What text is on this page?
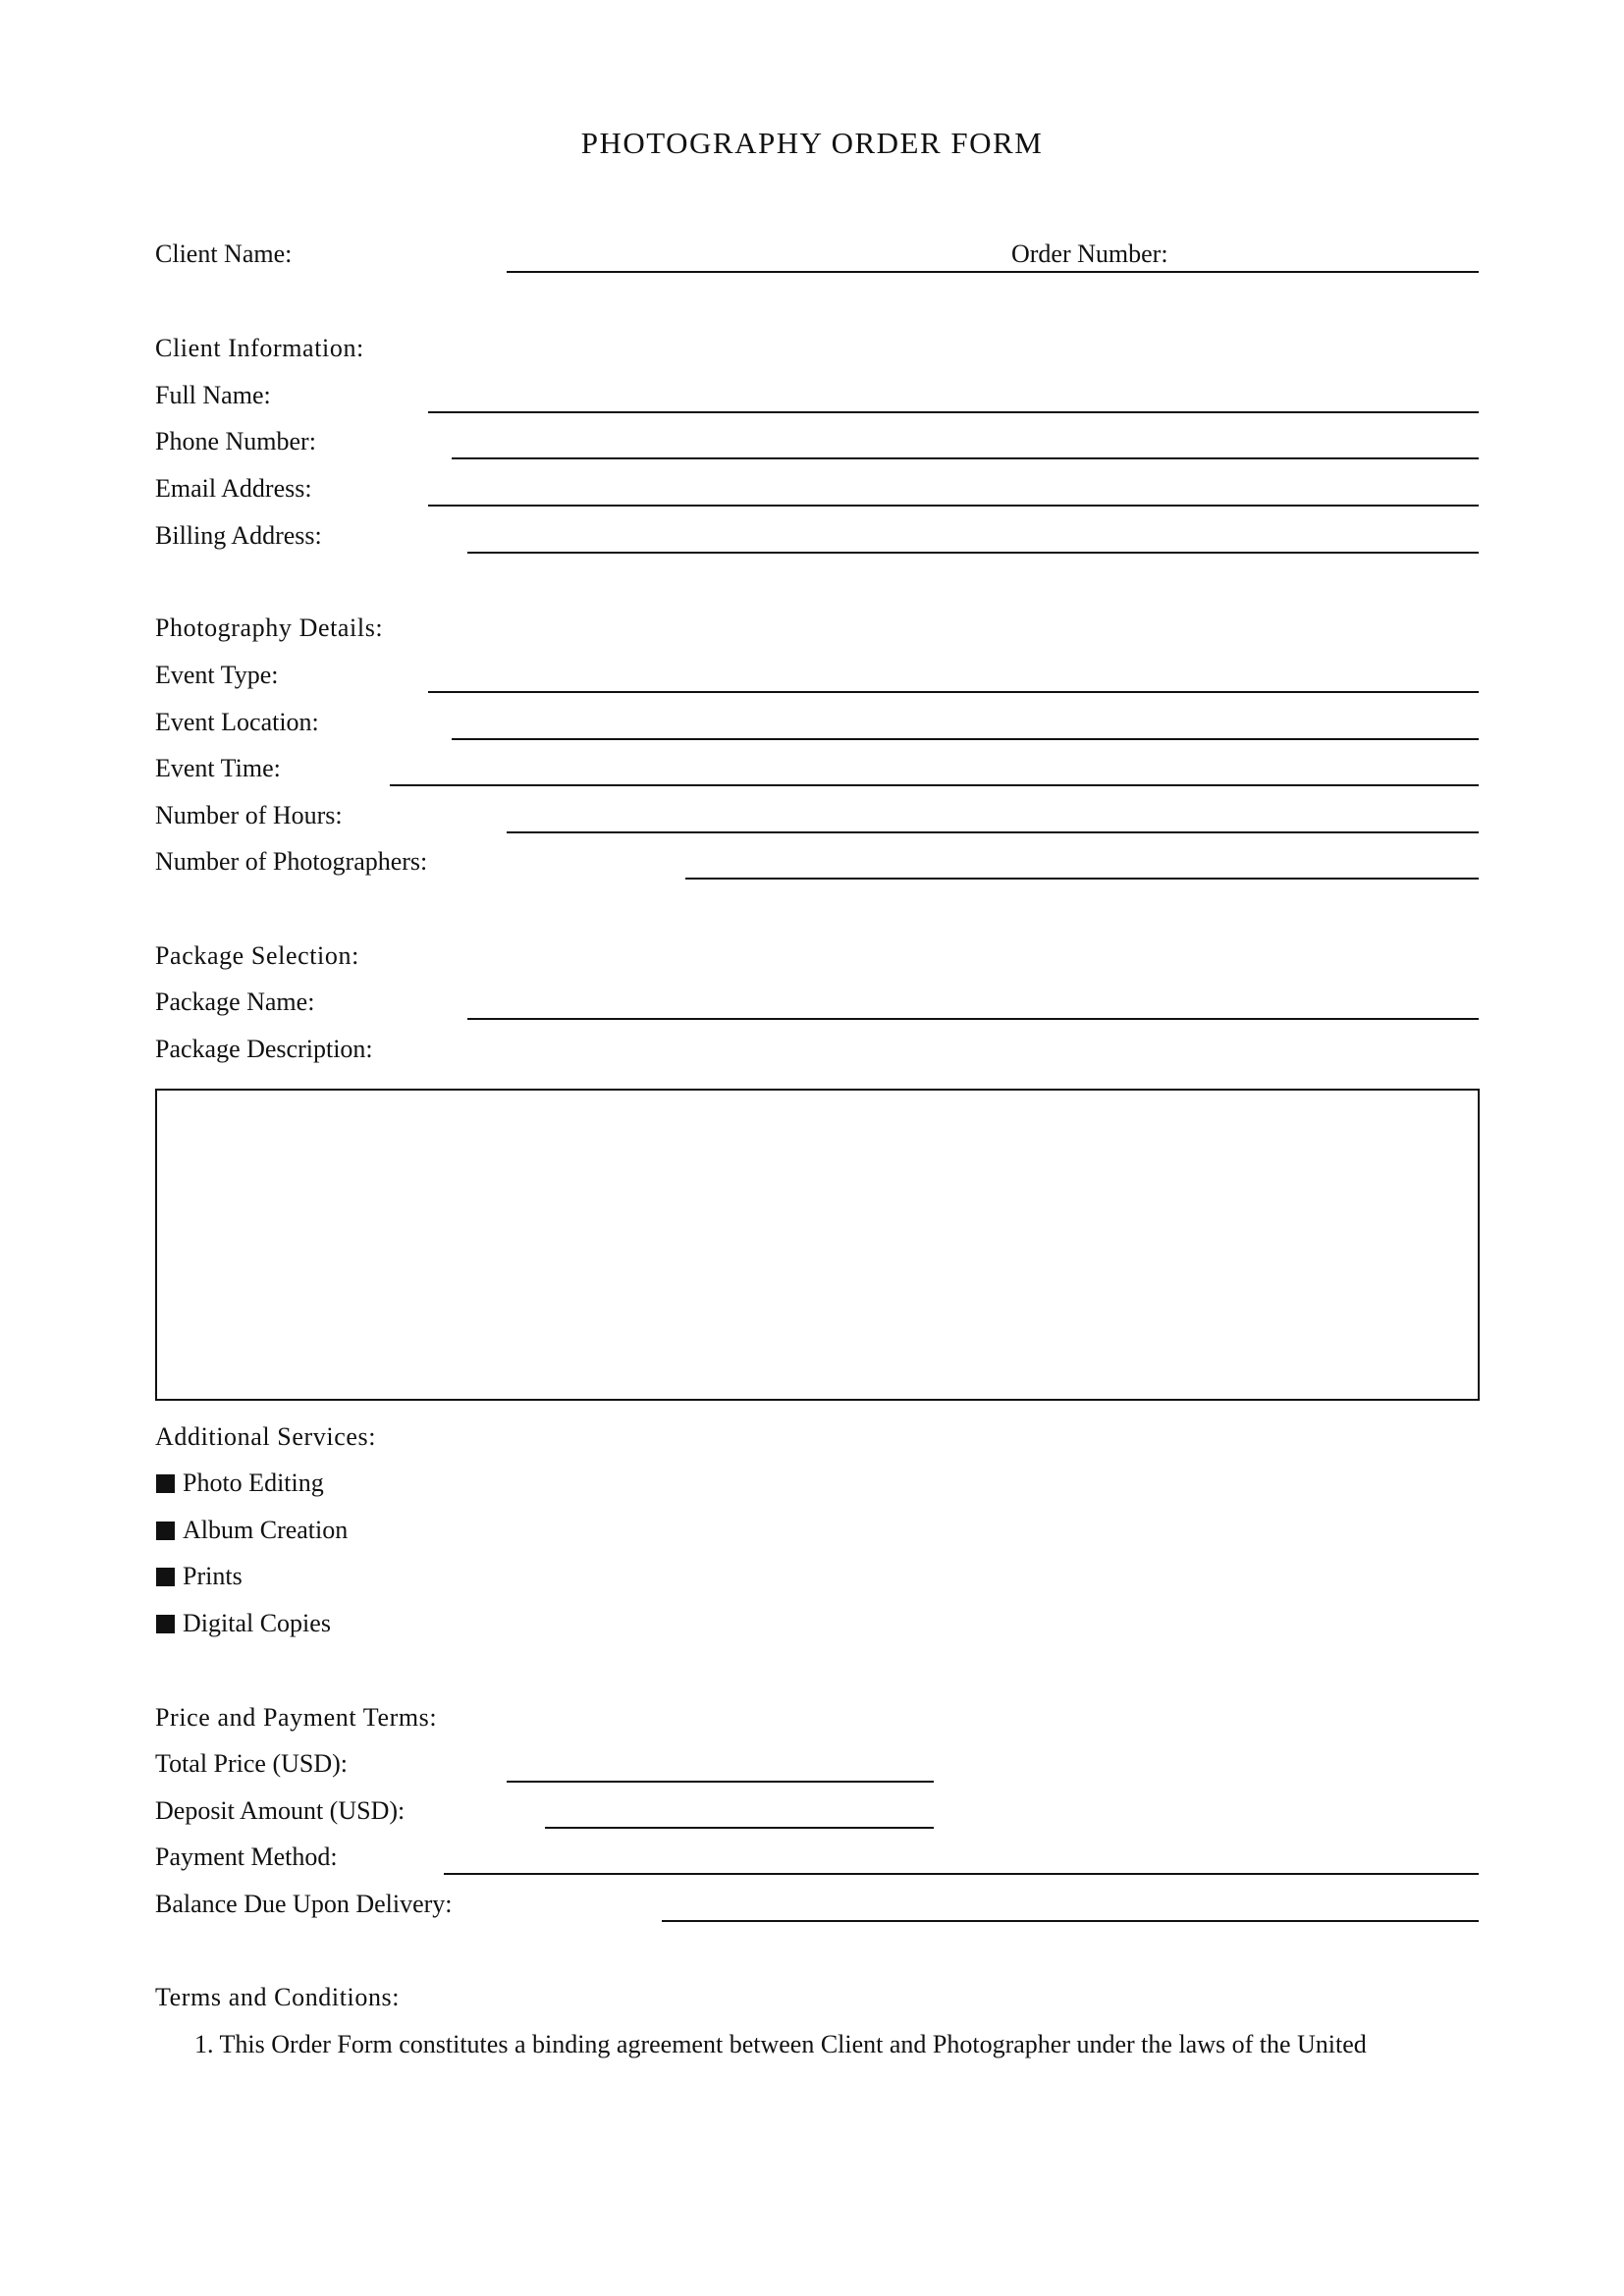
PHOTOGRAPHY ORDER FORM
Client Name:	Order Number:
Client Information:
Full Name:
Phone Number:
Email Address:
Billing Address:
Photography Details:
Event Type:
Event Location:
Event Time:
Number of Hours:
Number of Photographers:
Package Selection:
Package Name:
Package Description:
Additional Services:
Photo Editing
Album Creation
Prints
Digital Copies
Price and Payment Terms:
Total Price (USD):
Deposit Amount (USD):
Payment Method:
Balance Due Upon Delivery:
Terms and Conditions:
1. This Order Form constitutes a binding agreement between Client and Photographer under the laws of the United
